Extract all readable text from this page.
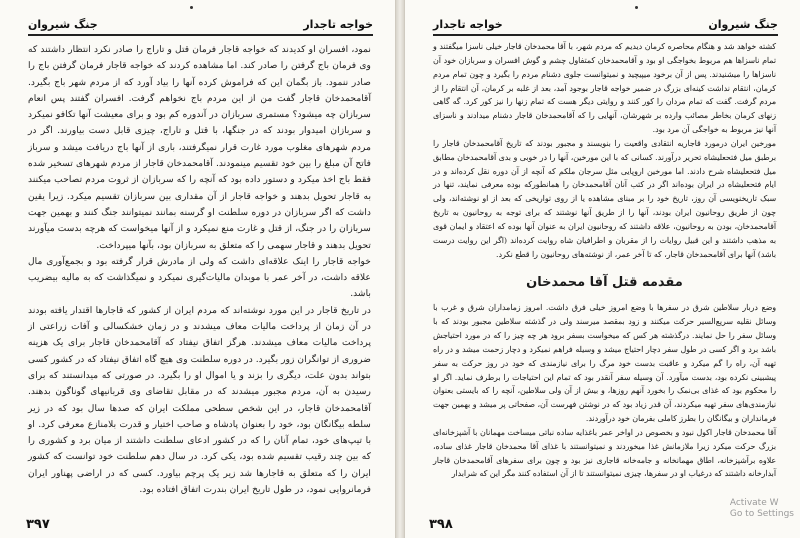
خواجه تاجدار
جنگ شیروان

نمود، افسران او کدیدند که خواجه قاجار فرمان قتل و تاراج را صادر نکرد انتظار داشتند که وی فرمان باج گرفتن را صادر کند. اما مشاهده کردند که خواجه قاجار فرمان گرفتن باج را صادر ننمود. باز بگمان این که فراموش کرده آنها را بیاد آورد که از مردم شهر باج بگیرد. آقامحمدخان قاجار گفت من از این مردم باج نخواهم گرفت. افسران گفتند پس انعام سربازان چه میشود؟ مستمری سربازان در آندوره کم بود و برای معیشت آنها تکافو نمیکرد و سربازان امیدوار بودند که در جنگها، با قتل و تاراج، چیزی قابل دست بیاورند. اگر در مردم شهرهای مغلوب مورد غارت قرار نمیگرفتند، باری از آنها باج دریافت میشد و سرباز فاتح آن مبلغ را بین خود تقسیم مینمودند. آقامحمدخان قاجار از مردم شهرهای تسخیر شده فقط باج اخذ میکرد و دستور داده بود که آنچه را که سربازان از ثروت مردم تصاحب میکنند به قاجار تحویل بدهند و خواجه قاجار از آن مقداری بین سربازان تقسیم میکرد. زیرا یقین داشت که اگر سربازان در دوره سلطنت او گرسنه بمانند نمیتوانند جنگ کنند و بهمین جهت سربازان را در جنگ، از قتل و غارت منع نمیکرد و از آنها میخواست که هرچه بدست میآورند تحویل بدهند و قاجار سهمی را که متعلق به سربازان بود، بآنها میپرداخت.

خواجه قاجار را اینک علاقه‌ای داشت که ولی از مادرش قرار گرفته بود و بجمع‌آوری مال علاقه داشت، در آخر عمر با موبدان مالیات‌گیری نمیکرد و نمیگذاشت که به مالیه بیضریب باشد.

در تاریخ قاجار در این مورد نوشته‌اند که مردم ایران از کشور که قاجارها اقتدار یافته بودند در آن زمان از پرداخت مالیات معاف میشدند و در زمان خشکسالی و آفات زراعتی از پرداخت مالیات معاف میشدند. هرگز اتفاق نیفتاد که آقامحمدخان قاجار برای یک هزینه ضروری از توانگران زور بگیرد. در دوره سلطنت وی هیچ گاه اتفاق نیفتاد که در کشور کسی بتواند بدون علت، دیگری را بزند و یا اموال او را بگیرد. در صورتی که میدانستند که برای رسیدن به آن، مردم مجبور میشدند که در مقابل تقاضای وی قربانیهای گوناگون بدهند. آقامحمدخان قاجار، در این شخص سطحی مملکت ایران که صدها سال بود که در زیر سلطه بیگانگان بود، خود را بعنوان پادشاه و صاحب اختیار و قدرت بلامنازع معرفی کرد. او با تیپ‌های خود، تمام آنان را که در کشور ادعای سلطنت داشتند از میان برد و کشوری را که بین چند رقیب تقسیم شده بود، یکی کرد. در سال دهم سلطنت خود توانست که کشور ایران را که متعلق به قاجارها شد زیر یک پرچم بیاورد. کسی که در اراضی پهناور ایران فرمانروایی نمود، در طول تاریخ ایران بندرت اتفاق افتاده بود.

۳۹۷
جنگ شیروان
خواجه تاجدار

کشته خواهد شد و هنگام محاصره کرمان دیدیم که مردم شهر، با آقا محمدخان قاجار خیلی ناسزا میگفتند و تمام ناسزاها هم مربوط بخواجگی او بود و آقامحمدخان کمتفاول چشم و گوش افسران و سربازان خود آن ناسزاها را میشنیدند. پس از آن برخود میپیچید و نمیتوانست جلوی دشنام مردم را بگیرد و چون تمام مردم کرمان، انتقام نداشت کینه‌ای بزرگ در ضمیر خواجه قاجار بوجود آمد، بعد از غلبه بر کرمان، آن انتقام را از مردم گرفت. گفت که تمام مردان را کور کنند و روایتی دیگر هست که تمام زنها را نیز کور کرد. گه گاهی زنهای کرمان بخاطر مصائب وارده بر شهرشان، آنهایی را که آقامحمدخان قاجار دشنام میدادند و ناسزای آنها نیز مربوط به خواجگی آن مرد بود.

مورخین ایران درمورد قاجاریه انتقادی واقعیت را بنویسند و مجبور بودند که تاریخ آقامحمدخان قاجار را برطبق میل فتحعلیشاه تحریر درآورند. کسانی که با این مورخین، آنها را در خوبی و بدی آقامحمدخان مطابق میل فتحعلیشاه شرح دادند. اما مورخین اروپایی مثل سرجان ملکم که آنچه از آن دوره نقل کرده‌اند و در ایام فتحعلیشاه در ایران بوده‌اند اگر در کتب آنان آقامحمدخان را همانطورکه بوده معرفی نمایند، تنها در سبک تاریخنویسی آن روز، تاریخ خود را بر مبنای مشاهده یا از روی تواریخی که بعد از او نوشته‌اند، ولی چون از طریق روحانیون ایران بودند، آنها را از طریق آنها نوشتند که برای توجه به روحانیون به تاریخ آقامحمدخان، بودن به روحانیون، علاقه داشتند که روحانیون ایران به عنوان آنها بوده که اعتقاد و ایمان قوی به مذهب داشتند و این قبیل روایات را از مقربان و اطرافیان شاه روایت کرده‌اند (اگر این روایت درست باشد) آنها برای آقامحمدخان قاجار، که تا آخر عمر، از نوشته‌های روحانیون را قطع نکرد.

مقدمه قتل آقا محمدخان

وضع دربار سلاطین شرق در سفرها با وضع امروز خیلی فرق داشت. امروز زمامداران شرق و غرب با وسائل نقلیه سریع‌السیر حرکت میکنند و زود بمقصد میرسند ولی در گذشته سلاطین مجبور بودند که با وسائل سفر را حل نمایند. درگذشته هر کس که میخواست بسفر برود هر چه چیز را که در مورد احتیاجش باشد برد و اگر کسی در طول سفر دچار احتیاج میشد و وسیله فراهم نمیکرد و دچار زحمت میشد و در راه تهیه آن، راه را گم میکرد و عاقبت بدست خود مرگ را برای نیازمندی که خود در روز حرکت به سفر پیشبینی نکرده بود، بدست میآورد. آن وسیله سفر آنقدر بود که تمام این احتیاجات را برطرف نماید. اگر او را محکوم بود که غذای بی‌نمک را بخورد آنهم روزها، و بیش از آن ولی سلاطین، آنچه را که بایستی بعنوان نیازمندی‌های سفر تهیه میکردند، آن قدر زیاد بود که در نوشتن فهرست آن، صفحاتی پر میشد و بهمین جهت فرمانداران و بیگانگان را بطرز کاملی بفرمان خود درآوردند.

آقا محمدخان قاجار اکول نبود و بخصوص در اواخر عمر باغذایه ساده نباتی میساخت مهمانان با آشپزخانه‌ای بزرگ حرکت میکرد زیرا ملازمانش غذا میخوردند و نمیتوانستند با غذای آقا محمدخان قاجار غذای ساده، علاوه برآشپزخانه، اطاق مهمانخانه و جامه‌خانه قاجاری نیز بود و چون برای سفرهای آقامحمدخان قاجار آبدارخانه داشتند که درغیاب او در سفرها، چیزی نمیتوانستند تا از آن استفاده کنند مگر این که شرابدار

۳۹۸
Activate W
Go to Settings
